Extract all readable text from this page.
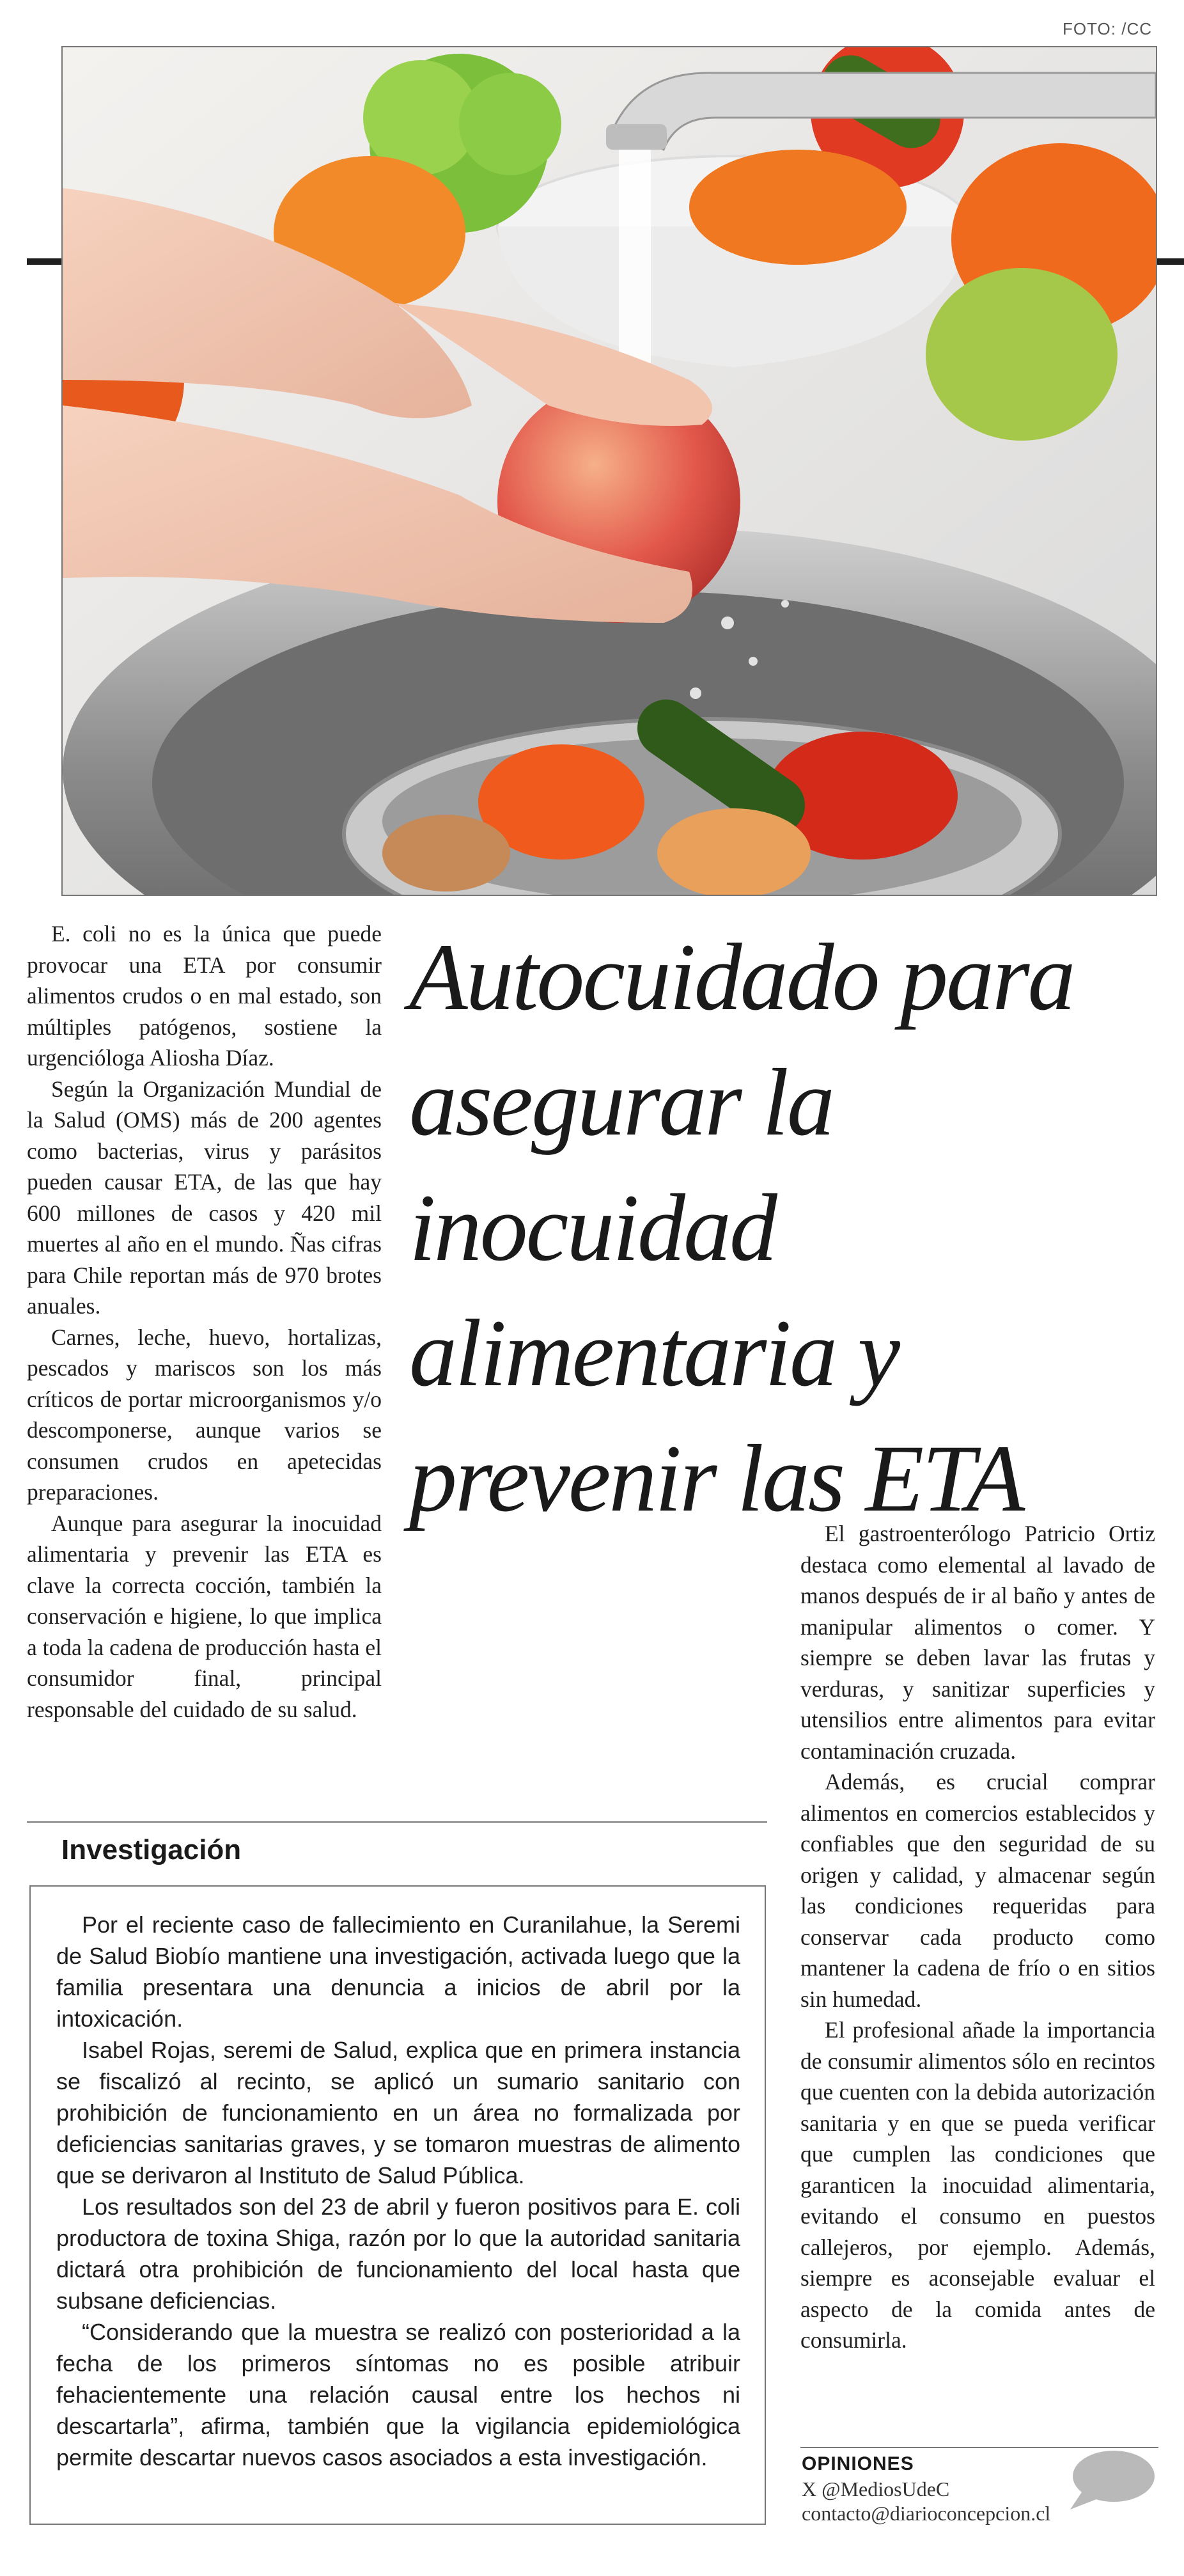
FOTO: /CC

E. coli no es la única que puede provocar una ETA por consumir alimentos crudos o en mal estado, son múltiples patógenos, sostiene la urgencióloga Aliosha Díaz.

Según la Organización Mundial de la Salud (OMS) más de 200 agentes como bacterias, virus y parásitos pueden causar ETA, de las que hay 600 millones de casos y 420 mil muertes al año en el mundo. Ñas cifras para Chile reportan más de 970 brotes anuales.

Carnes, leche, huevo, hortalizas, pescados y mariscos son los más críticos de portar microorganismos y/o descomponerse, aunque varios se consumen crudos en apetecidas preparaciones.

Aunque para asegurar la inocuidad alimentaria y prevenir las ETA es clave la correcta cocción, también la conservación e higiene, lo que implica a toda la cadena de producción hasta el consumidor final, principal responsable del cuidado de su salud.

Autocuidado para asegurar la inocuidad alimentaria y prevenir las ETA
Investigación

Por el reciente caso de fallecimiento en Curanilahue, la Seremi de Salud Biobío mantiene una investigación, activada luego que la familia presentara una denuncia a inicios de abril por la intoxicación.

Isabel Rojas, seremi de Salud, explica que en primera instancia se fiscalizó al recinto, se aplicó un sumario sanitario con prohibición de funcionamiento en un área no formalizada por deficiencias sanitarias graves, y se tomaron muestras de alimento que se derivaron al Instituto de Salud Pública.

Los resultados son del 23 de abril y fueron positivos para E. coli productora de toxina Shiga, razón por lo que la autoridad sanitaria dictará otra prohibición de funcionamiento del local hasta que subsane deficiencias.

“Considerando que la muestra se realizó con posterioridad a la fecha de los primeros síntomas no es posible atribuir fehacientemente una relación causal entre los hechos ni descartarla”, afirma, también que la vigilancia epidemiológica permite descartar nuevos casos asociados a esta investigación.

El gastroenterólogo Patricio Ortiz destaca como elemental al lavado de manos después de ir al baño y antes de manipular alimentos o comer. Y siempre se deben lavar las frutas y verduras, y sanitizar superficies y utensilios entre alimentos para evitar contaminación cruzada.

Además, es crucial comprar alimentos en comercios establecidos y confiables que den seguridad de su origen y calidad, y almacenar según las condiciones requeridas para conservar cada producto como mantener la cadena de frío o en sitios sin humedad.

El profesional añade la importancia de consumir alimentos sólo en recintos que cuenten con la debida autorización sanitaria y en que se pueda verificar que cumplen las condiciones que garanticen la inocuidad alimentaria, evitando el consumo en puestos callejeros, por ejemplo. Además, siempre es aconsejable evaluar el aspecto de la comida antes de consumirla.

OPINIONES
X @MediosUdeC
contacto@diarioconcepcion.cl
